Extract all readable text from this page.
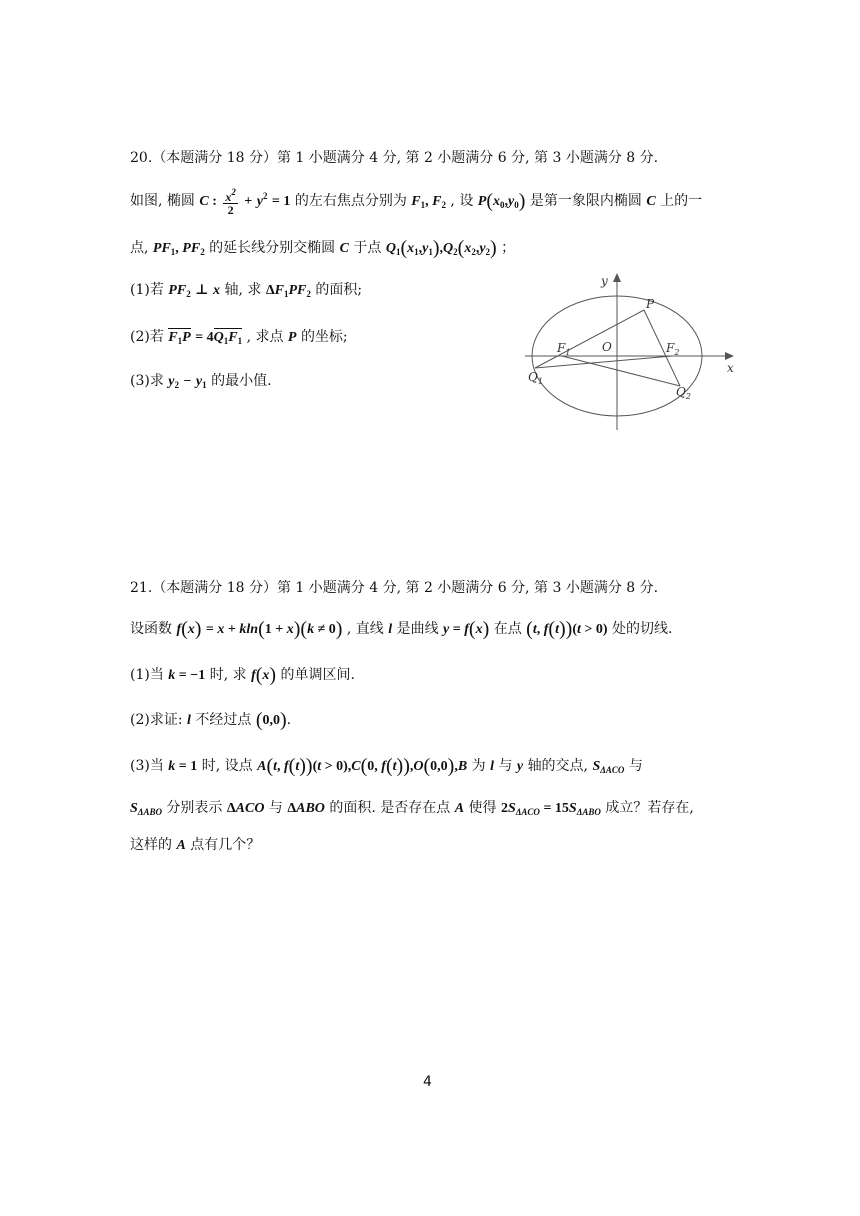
20.（本题满分 18 分）第 1 小题满分 4 分, 第 2 小题满分 6 分, 第 3 小题满分 8 分.
如图, 椭圆 C : $\frac{x^2}{2} + y^2 = 1$ 的左右焦点分别为 $F_1$, $F_2$ , 设 $P(x_0,y_0)$ 是第一象限内椭圆 C 上的一
点, $PF_1$, $PF_2$ 的延长线分别交椭圆 C 于点 $Q_1(x_1,y_1),Q_2(x_2,y_2)$ ；
(1)若 $PF_2$ ⊥ x 轴, 求 $\Delta F_1PF_2$ 的面积;
(2)若 $F_1P = 4Q_1F_1$ , 求点 P 的坐标;
(3)求 $y_2 - y_1$ 的最小值.
x
y
O
P
$F_1$	$F_2$
$Q_1$
$Q_2$
21.（本题满分 18 分）第 1 小题满分 4 分, 第 2 小题满分 6 分, 第 3 小题满分 8 分.
设函数 f(x) = x + kln(1 + x)(k ≠ 0) , 直线 l 是曲线 y = f(x) 在点 (t, f(t))(t > 0) 处的切线.
(1)当 k = −1 时, 求 f(x) 的单调区间.
(2)求证: l 不经过点 (0,0).
(3)当 k = 1 时, 设点 A(t, f(t))(t > 0),C(0, f(t)),O(0,0),B 为 l 与 y 轴的交点, $S_{\Delta ACO}$ 与
$S_{\Delta ABO}$ 分别表示 ΔACO 与 ΔABO 的面积. 是否存在点 A 使得 $2S_{\Delta ACO} = 15S_{\Delta ABO}$ 成立？若存在,
这样的 A 点有几个？
4
